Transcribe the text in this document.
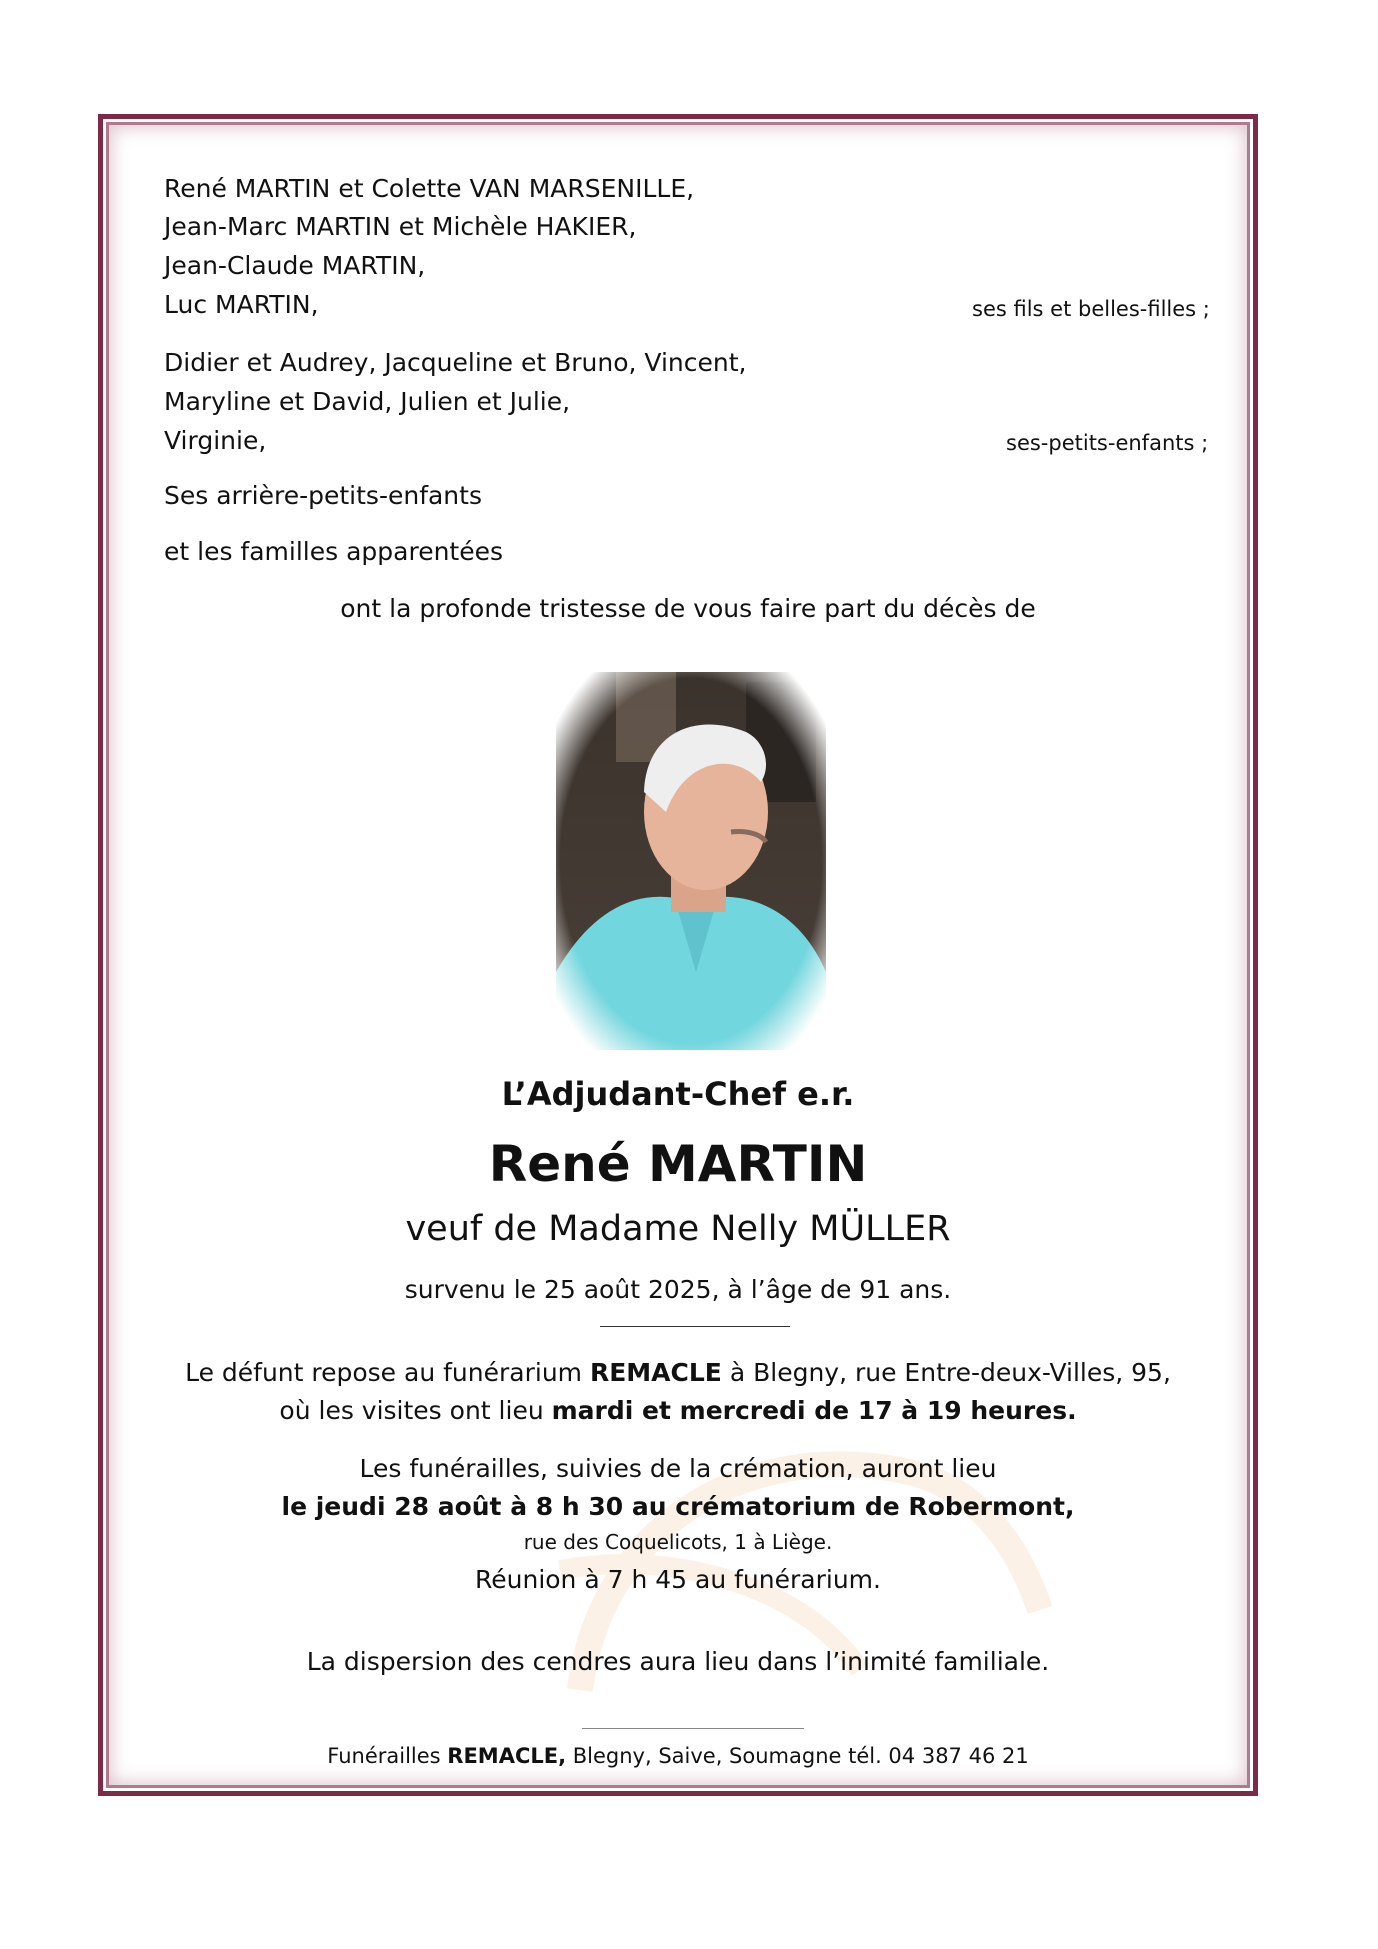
René MARTIN et Colette VAN MARSENILLE,
Jean-Marc MARTIN et Michèle HAKIER,
Jean-Claude MARTIN,
Luc MARTIN,	ses fils et belles-filles ;
Didier et Audrey, Jacqueline et Bruno, Vincent,
Maryline et David, Julien et Julie,
Virginie,	ses-petits-enfants ;
Ses arrière-petits-enfants
et les familles apparentées
ont la profonde tristesse de vous faire part du décès de
L’Adjudant-Chef e.r.
René MARTIN
veuf de Madame Nelly MÜLLER
survenu le 25 août 2025, à l’âge de 91 ans.
Le défunt repose au funérarium REMACLE à Blegny, rue Entre-deux-Villes, 95,
où les visites ont lieu mardi et mercredi de 17 à 19 heures.
Les funérailles, suivies de la crémation, auront lieu
le jeudi 28 août à 8 h 30 au crématorium de Robermont,
rue des Coquelicots, 1 à Liège.
Réunion à 7 h 45 au funérarium.
La dispersion des cendres aura lieu dans l’inimité familiale.
Funérailles REMACLE, Blegny, Saive, Soumagne tél. 04 387 46 21
